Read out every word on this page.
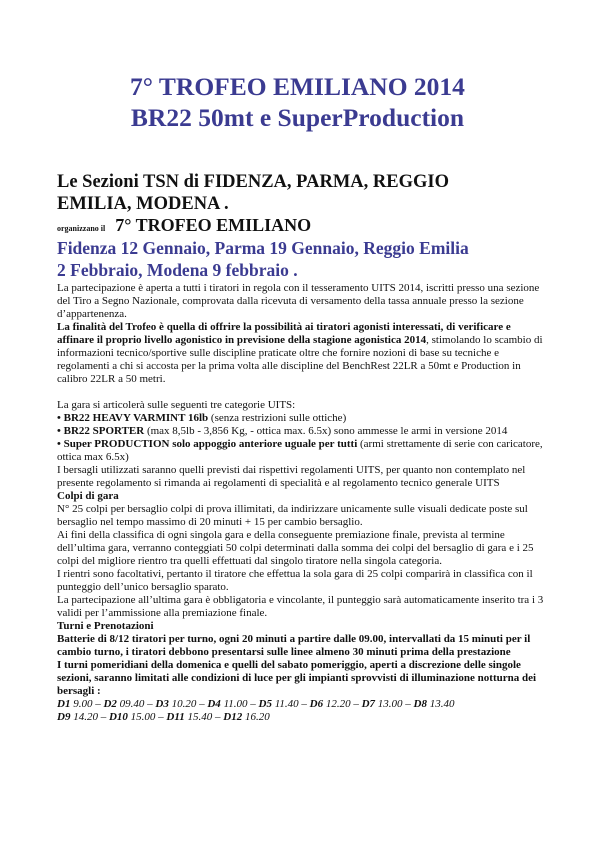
7° TROFEO EMILIANO 2014
BR22 50mt e SuperProduction
Le Sezioni TSN di FIDENZA, PARMA, REGGIO
EMILIA, MODENA .
organizzano il 7° TROFEO EMILIANO
Fidenza 12 Gennaio, Parma 19 Gennaio, Reggio Emilia
2 Febbraio, Modena 9 febbraio .

La partecipazione è aperta a tutti i tiratori in regola con il tesseramento UITS 2014, iscritti presso una sezione del Tiro a Segno Nazionale, comprovata dalla ricevuta di versamento della tassa annuale presso la sezione d’appartenenza.

La finalità del Trofeo è quella di offrire la possibilità ai tiratori agonisti interessati, di verificare e affinare il proprio livello agonistico in previsione della stagione agonistica 2014, stimolando lo scambio di informazioni tecnico/sportive sulle discipline praticate oltre che fornire nozioni di base su tecniche e regolamenti a chi si accosta per la prima volta alle discipline del BenchRest 22LR a 50mt e Production in calibro 22LR a 50 metri.

La gara si articolerà sulle seguenti tre categorie UITS:

• BR22 HEAVY VARMINT 16lb (senza restrizioni sulle ottiche)

• BR22 SPORTER (max 8,5lb - 3,856 Kg, - ottica max. 6.5x) sono ammesse le armi in versione 2014

• Super PRODUCTION solo appoggio anteriore uguale per tutti (armi strettamente di serie con caricatore, ottica max 6.5x)

I bersagli utilizzati saranno quelli previsti dai rispettivi regolamenti UITS, per quanto non contemplato nel presente regolamento si rimanda ai regolamenti di specialità e al regolamento tecnico generale UITS

Colpi di gara

N° 25 colpi per bersaglio colpi di prova illimitati, da indirizzare unicamente sulle visuali dedicate poste sul bersaglio nel tempo massimo di 20 minuti + 15 per cambio bersaglio.

Ai fini della classifica di ogni singola gara e della conseguente premiazione finale, prevista al termine dell’ultima gara, verranno conteggiati 50 colpi determinati dalla somma dei colpi del bersaglio di gara e i 25 colpi del migliore rientro tra quelli effettuati dal singolo tiratore nella singola categoria.

I rientri sono facoltativi, pertanto il tiratore che effettua la sola gara di 25 colpi comparirà in classifica con il punteggio dell’unico bersaglio sparato.

La partecipazione all’ultima gara è obbligatoria e vincolante, il punteggio sarà automaticamente inserito tra i 3 validi per l’ammissione alla premiazione finale.

Turni e Prenotazioni

Batterie di 8/12 tiratori per turno, ogni 20 minuti a partire dalle 09.00, intervallati da 15 minuti per il cambio turno, i tiratori debbono presentarsi sulle linee almeno 30 minuti prima della prestazione

I turni pomeridiani della domenica e quelli del sabato pomeriggio, aperti a discrezione delle singole sezioni, saranno limitati alle condizioni di luce per gli impianti sprovvisti di illuminazione notturna dei bersagli :

D1 9.00 – D2 09.40 – D3 10.20 – D4 11.00 – D5 11.40 – D6 12.20 – D7 13.00 – D8 13.40

D9 14.20 – D10 15.00 – D11 15.40 – D12 16.20
